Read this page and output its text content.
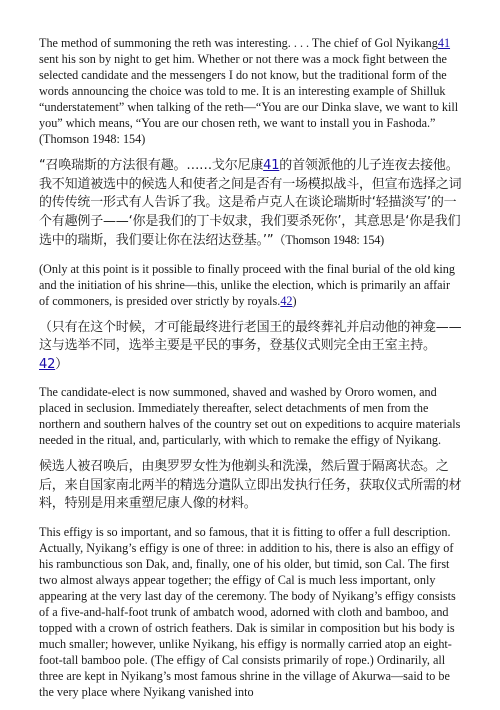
The method of summoning the reth was interesting. . . . The chief of Gol Nyikang41 sent his son by night to get him. Whether or not there was a mock fight between the selected candidate and the messengers I do not know, but the traditional form of the words announcing the choice was told to me. It is an interesting example of Shilluk “understatement” when talking of the reth—“You are our Dinka slave, we want to kill you” which means, “You are our chosen reth, we want to install you in Fashoda.” (Thomson 1948: 154)

“召唤瑞斯的方法很有趣。……戈尔尼康41的首领派他的儿子连夜去接他。我不知道被选中的候选人和使者之间是否有一场模拟战斗，但宣布选择之词的传传统一形式有人告诉了我。这是希卢克人在谈论瑞斯时‘轻描淡写’的一个有趣例子——‘你是我们的丁卡奴隶，我们要杀死你’，其意思是‘你是我们选中的瑞斯，我们要让你在法绍达登基。’”（Thomson 1948: 154)

(Only at this point is it possible to finally proceed with the final burial of the old king and the initiation of his shrine—this, unlike the election, which is primarily an affair of commoners, is presided over strictly by royals.42)

（只有在这个时候，才可能最终进行老国王的最终葬礼并启动他的神龛——这与选举不同，选举主要是平民的事务，登基仪式则完全由王室主持。42）

The candidate-elect is now summoned, shaved and washed by Ororo women, and placed in seclusion. Immediately thereafter, select detachments of men from the northern and southern halves of the country set out on expeditions to acquire materials needed in the ritual, and, particularly, with which to remake the effigy of Nyikang.

候选人被召唤后，由奥罗罗女性为他剃头和洗澡，然后置于隔离状态。之后，来自国家南北两半的精选分遣队立即出发执行任务，获取仪式所需的材料，特别是用来重塑尼康人像的材料。

This effigy is so important, and so famous, that it is fitting to offer a full description. Actually, Nyikang’s effigy is one of three: in addition to his, there is also an effigy of his rambunctious son Dak, and, finally, one of his older, but timid, son Cal. The first two almost always appear together; the effigy of Cal is much less important, only appearing at the very last day of the ceremony. The body of Nyikang’s effigy consists of a five-and-half-foot trunk of ambatch wood, adorned with cloth and bamboo, and topped with a crown of ostrich feathers. Dak is similar in composition but his body is much smaller; however, unlike Nyikang, his effigy is normally carried atop an eight-foot-tall bamboo pole. (The effigy of Cal consists primarily of rope.) Ordinarily, all three are kept in Nyikang’s most famous shrine in the village of Akurwa—said to be the very place where Nyikang vanished into
